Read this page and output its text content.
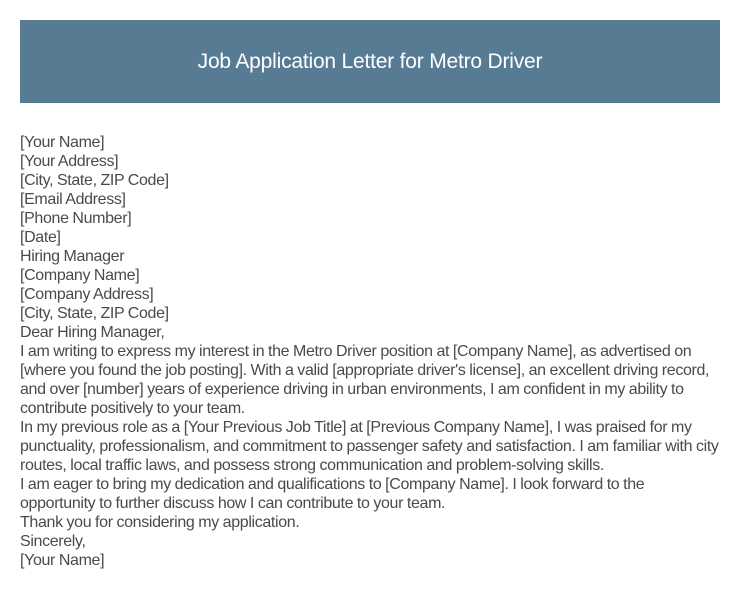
Job Application Letter for Metro Driver
[Your Name]
[Your Address]
[City, State, ZIP Code]
[Email Address]
[Phone Number]
[Date]
Hiring Manager
[Company Name]
[Company Address]
[City, State, ZIP Code]
Dear Hiring Manager,

I am writing to express my interest in the Metro Driver position at [Company Name], as advertised on [where you found the job posting]. With a valid [appropriate driver's license], an excellent driving record, and over [number] years of experience driving in urban environments, I am confident in my ability to contribute positively to your team.

In my previous role as a [Your Previous Job Title] at [Previous Company Name], I was praised for my punctuality, professionalism, and commitment to passenger safety and satisfaction. I am familiar with city routes, local traffic laws, and possess strong communication and problem-solving skills.

I am eager to bring my dedication and qualifications to [Company Name]. I look forward to the opportunity to further discuss how I can contribute to your team.

Thank you for considering my application.

Sincerely,
[Your Name]
